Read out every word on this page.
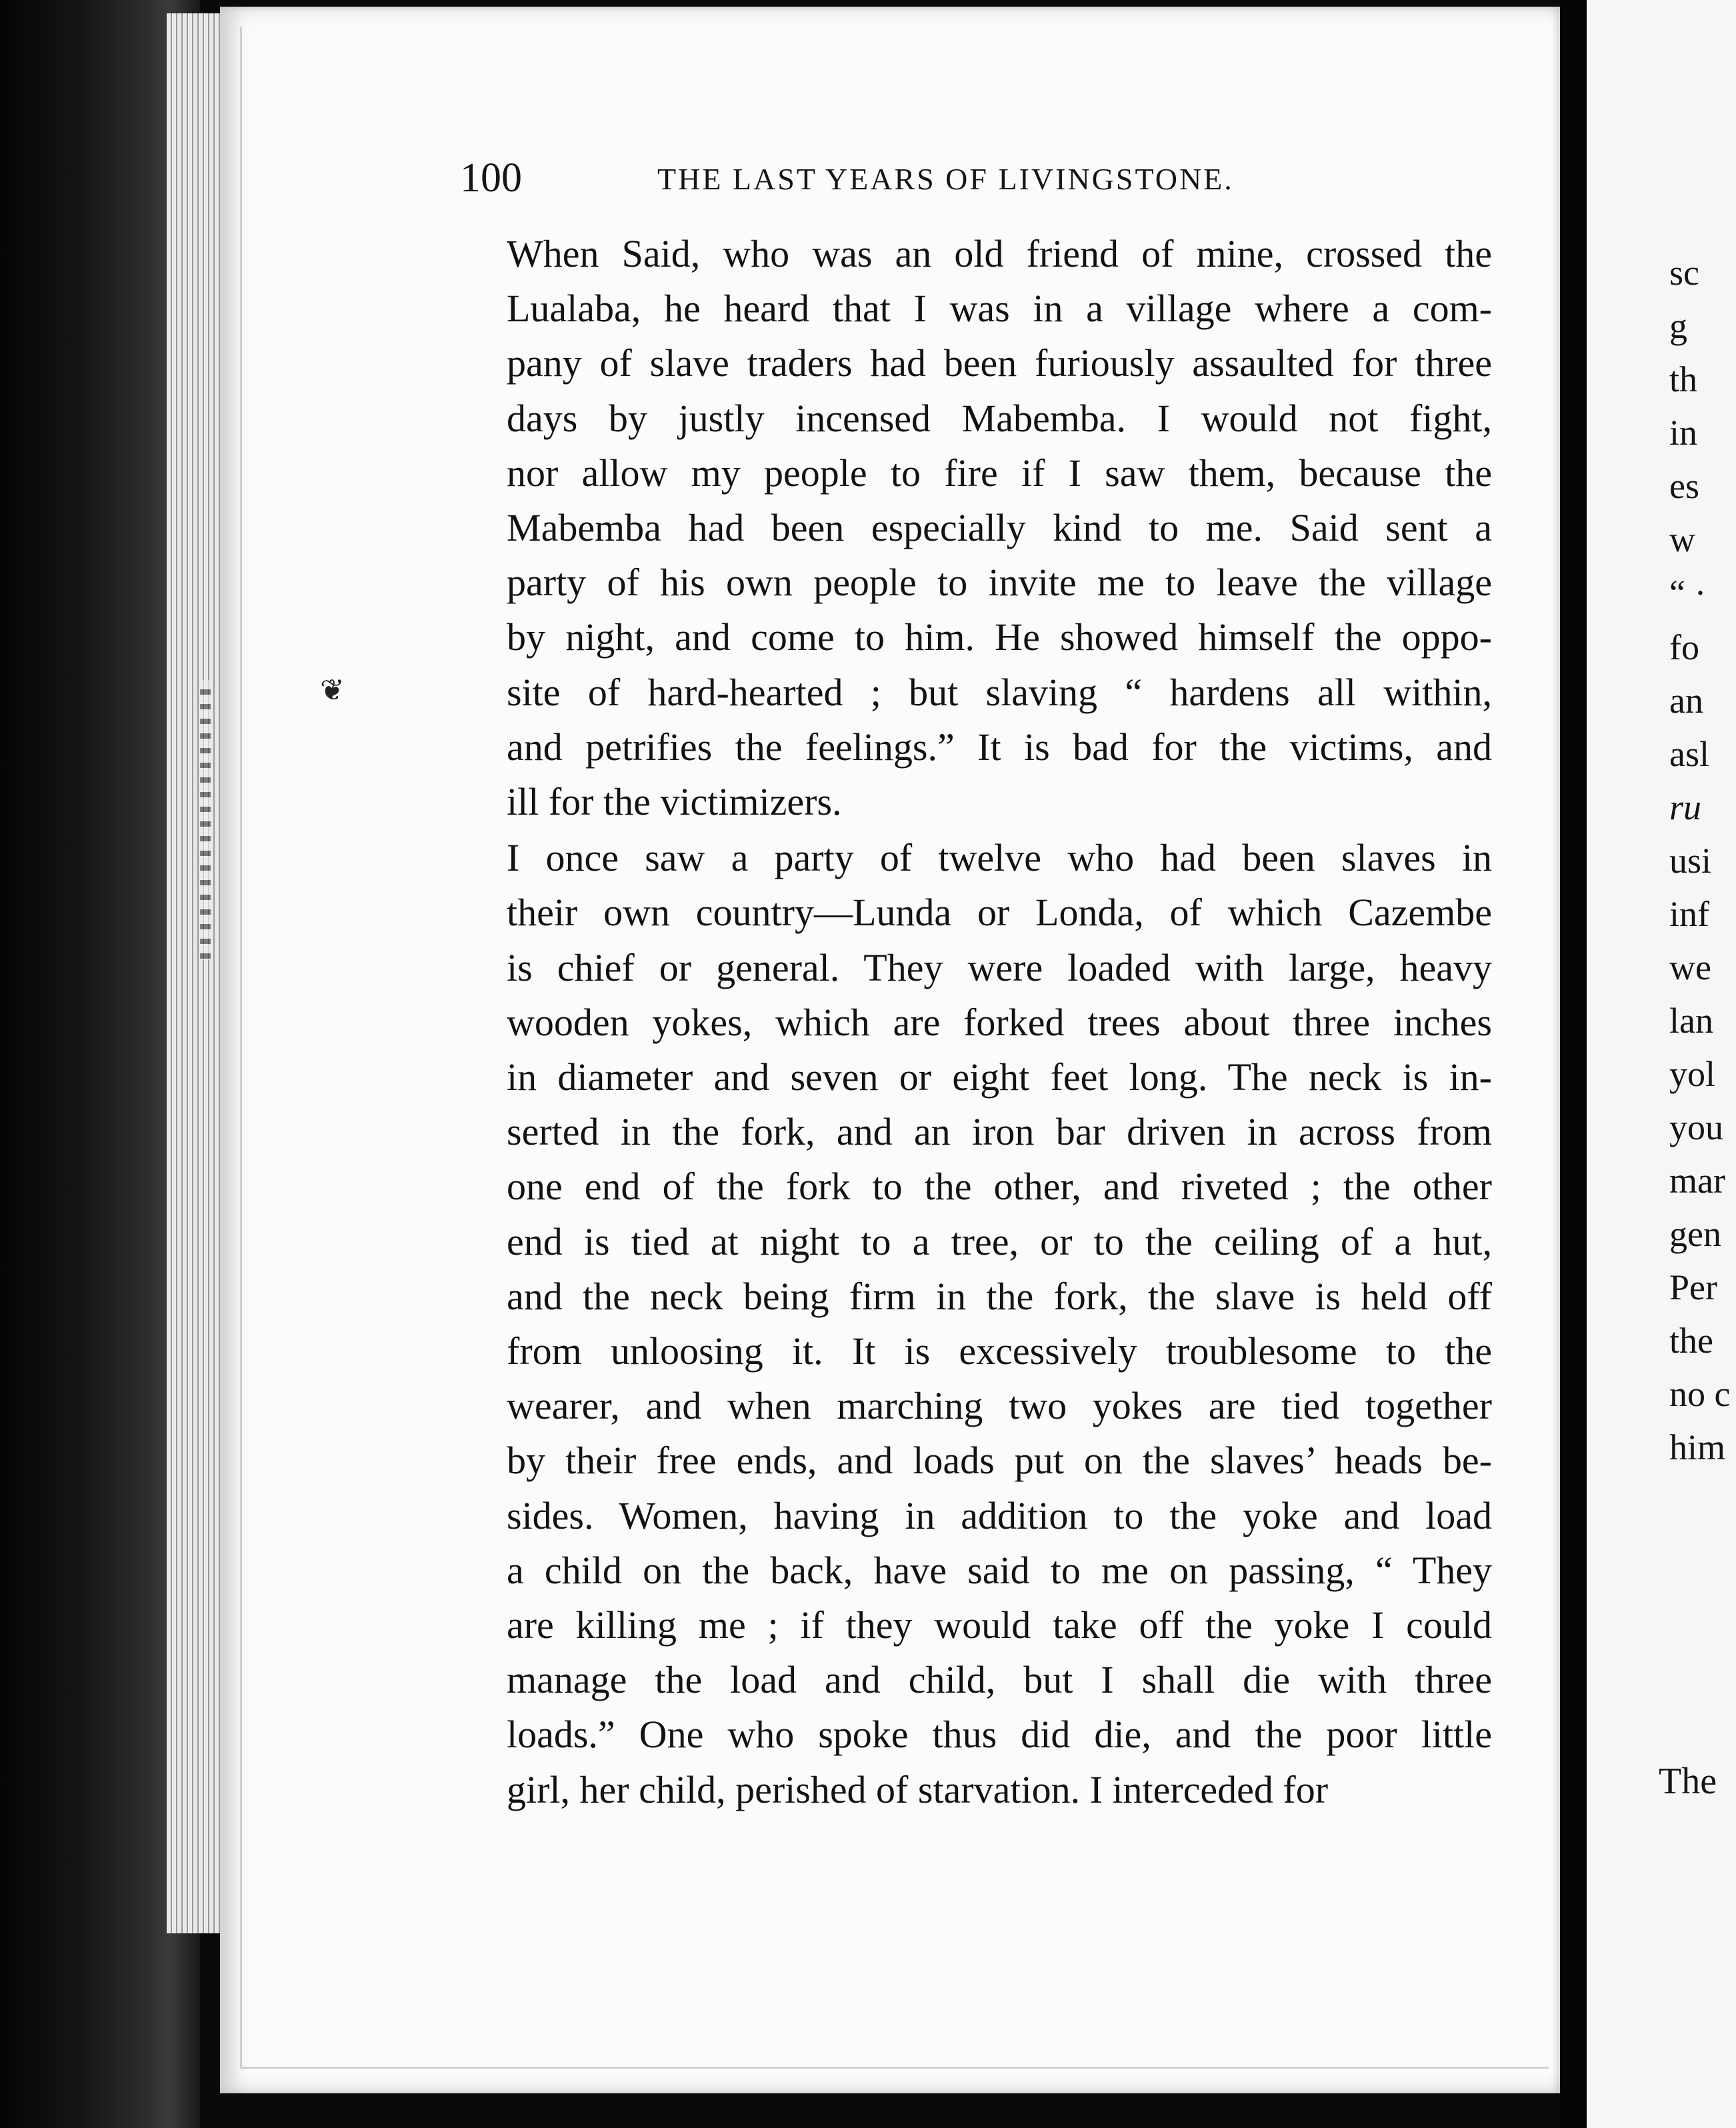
sc
g
th
in
es
w
“ ·
fo
an
asl
ru
usi
inf
we
lan
yol
you
mar
gen
Per
the
no c
him
The
100	THE LAST YEARS OF LIVINGSTONE.
❦
When Said, who was an old friend of mine, crossed the
Lualaba, he heard that I was in a village where a com-
pany of slave traders had been furiously assaulted for three
days by justly incensed Mabemba. I would not fight,
nor allow my people to fire if I saw them, because the
Mabemba had been especially kind to me. Said sent a
party of his own people to invite me to leave the village
by night, and come to him. He showed himself the oppo-
site of hard-hearted ; but slaving “ hardens all within,
and petrifies the feelings.” It is bad for the victims, and
ill for the victimizers.
I once saw a party of twelve who had been slaves in
their own country—Lunda or Londa, of which Cazembe
is chief or general. They were loaded with large, heavy
wooden yokes, which are forked trees about three inches
in diameter and seven or eight feet long. The neck is in-
serted in the fork, and an iron bar driven in across from
one end of the fork to the other, and riveted ; the other
end is tied at night to a tree, or to the ceiling of a hut,
and the neck being firm in the fork, the slave is held off
from unloosing it. It is excessively troublesome to the
wearer, and when marching two yokes are tied together
by their free ends, and loads put on the slaves’ heads be-
sides. Women, having in addition to the yoke and load
a child on the back, have said to me on passing, “ They
are killing me ; if they would take off the yoke I could
manage the load and child, but I shall die with three
loads.” One who spoke thus did die, and the poor little
girl, her child, perished of starvation. I interceded for
